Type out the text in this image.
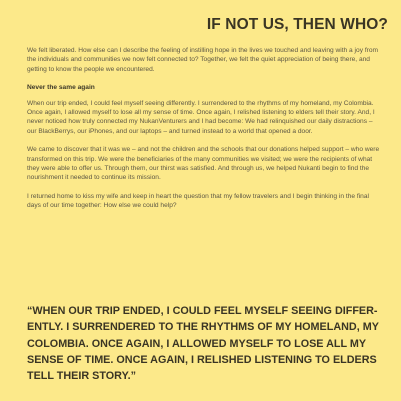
IF NOT US, THEN WHO?

We felt liberated. How else can I describe the feeling of instilling hope in the lives we touched and leaving with a joy from the individuals and communities we now felt connected to? Together, we felt the quiet appreciation of being there, and getting to know the people we encountered.

Never the same again

When our trip ended, I could feel myself seeing differently. I surrendered to the rhythms of my homeland, my Colombia. Once again, I allowed myself to lose all my sense of time. Once again, I relished listening to elders tell their story. And, I never noticed how truly connected my NukanVenturers and I had become: We had relinquished our daily distractions – our BlackBerrys, our iPhones, and our laptops – and turned instead to a world that opened a door.

We came to discover that it was we – and not the children and the schools that our donations helped support – who were transformed on this trip. We were the beneficiaries of the many communities we visited; we were the recipients of what they were able to offer us. Through them, our thirst was satisfied. And through us, we helped Nukanti begin to find the nourishment it needed to continue its mission.

I returned home to kiss my wife and keep in heart the question that my fellow travelers and I begin thinking in the final days of our time together: How else we could help?

“WHEN OUR TRIP ENDED, I COULD FEEL MYSELF SEEING DIFFER-ENTLY. I SURRENDERED TO THE RHYTHMS OF MY HOMELAND, MY COLOMBIA. ONCE AGAIN, I ALLOWED MYSELF TO LOSE ALL MY SENSE OF TIME. ONCE AGAIN, I RELISHED LISTENING TO ELDERS TELL THEIR STORY.”
